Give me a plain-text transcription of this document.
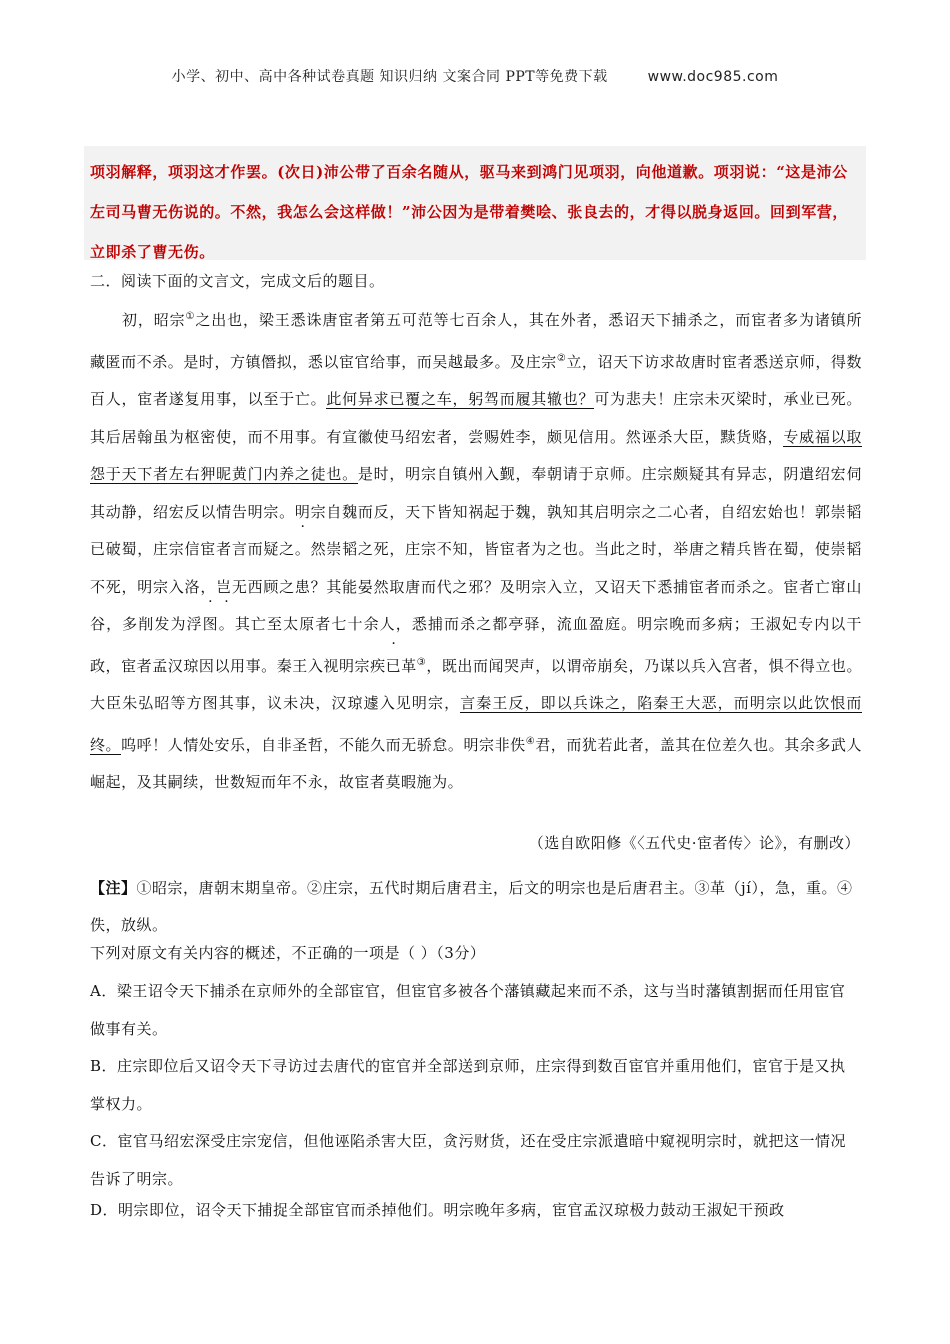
小学、初中、高中各种试卷真题 知识归纳 文案合同 PPT等免费下载	www.doc985.com
项羽解释，项羽这才作罢。(次日)沛公带了百余名随从，驱马来到鸿门见项羽，向他道歉。项羽说：“这是沛公左司马曹无伤说的。不然，我怎么会这样做！”沛公因为是带着樊哙、张良去的，才得以脱身返回。回到军营，立即杀了曹无伤。
二．阅读下面的文言文，完成文后的题目。
初，昭宗①之出也，梁王悉诛唐宦者第五可范等七百余人，其在外者，悉诏天下捕杀之，而宦者多为诸镇所藏匿而不杀。是时，方镇僭拟，悉以宦官给事，而吴越最多。及庄宗②立，诏天下访求故唐时宦者悉送京师，得数百人，宦者遂复用事，以至于亡。此何异求已覆之车，躬驾而履其辙也？可为悲夫！庄宗未灭梁时，承业已死。其后居翰虽为枢密使，而不用事。有宣徽使马绍宏者，尝赐姓李，颇见信用。然诬杀大臣，黩货赂，专威福以取怨于天下者左右狎昵黄门内养之徒也。是时，明宗自镇州入觐，奉朝请于京师。庄宗颇疑其有异志，阴遣绍宏伺其动静，绍宏反以情告明宗。明宗自魏而反，天下皆知祸起于魏，孰知其启明宗之二心者，自绍宏始也！郭崇韬已破蜀，庄宗信宦者言而疑之。然崇韬之死，庄宗不知，皆宦者为之也。当此之时，举唐之精兵皆在蜀，使崇韬不死，明宗入洛，岂无西顾之患？其能晏然取唐而代之邪？及明宗入立，又诏天下悉捕宦者而杀之。宦者亡窜山谷，多削发为浮图。其亡至太原者七十余人，悉捕而杀之都亭驿，流血盈庭。明宗晚而多病；王淑妃专内以干政，宦者孟汉琼因以用事。秦王入视明宗疾已革③，既出而闻哭声，以谓帝崩矣，乃谋以兵入宫者，惧不得立也。大臣朱弘昭等方图其事，议未决，汉琼遽入见明宗，言秦王反，即以兵诛之，陷秦王大恶，而明宗以此饮恨而终。呜呼！人情处安乐，自非圣哲，不能久而无骄怠。明宗非佚④君，而犹若此者，盖其在位差久也。其余多武人崛起，及其嗣续，世数短而年不永，故宦者莫暇施为。
（选自欧阳修《〈五代史·宦者传〉论》，有删改）
【注】①昭宗，唐朝末期皇帝。②庄宗，五代时期后唐君主，后文的明宗也是后唐君主。③革（jí），急，重。④佚，放纵。
下列对原文有关内容的概述，不正确的一项是（ ）（3分）
A．梁王诏令天下捕杀在京师外的全部宦官，但宦官多被各个藩镇藏起来而不杀，这与当时藩镇割据而任用宦官做事有关。
B．庄宗即位后又诏令天下寻访过去唐代的宦官并全部送到京师，庄宗得到数百宦官并重用他们，宦官于是又执掌权力。
C．宦官马绍宏深受庄宗宠信，但他诬陷杀害大臣，贪污财货，还在受庄宗派遣暗中窥视明宗时，就把这一情况告诉了明宗。
D．明宗即位，诏令天下捕捉全部宦官而杀掉他们。明宗晚年多病，宦官孟汉琼极力鼓动王淑妃干预政
